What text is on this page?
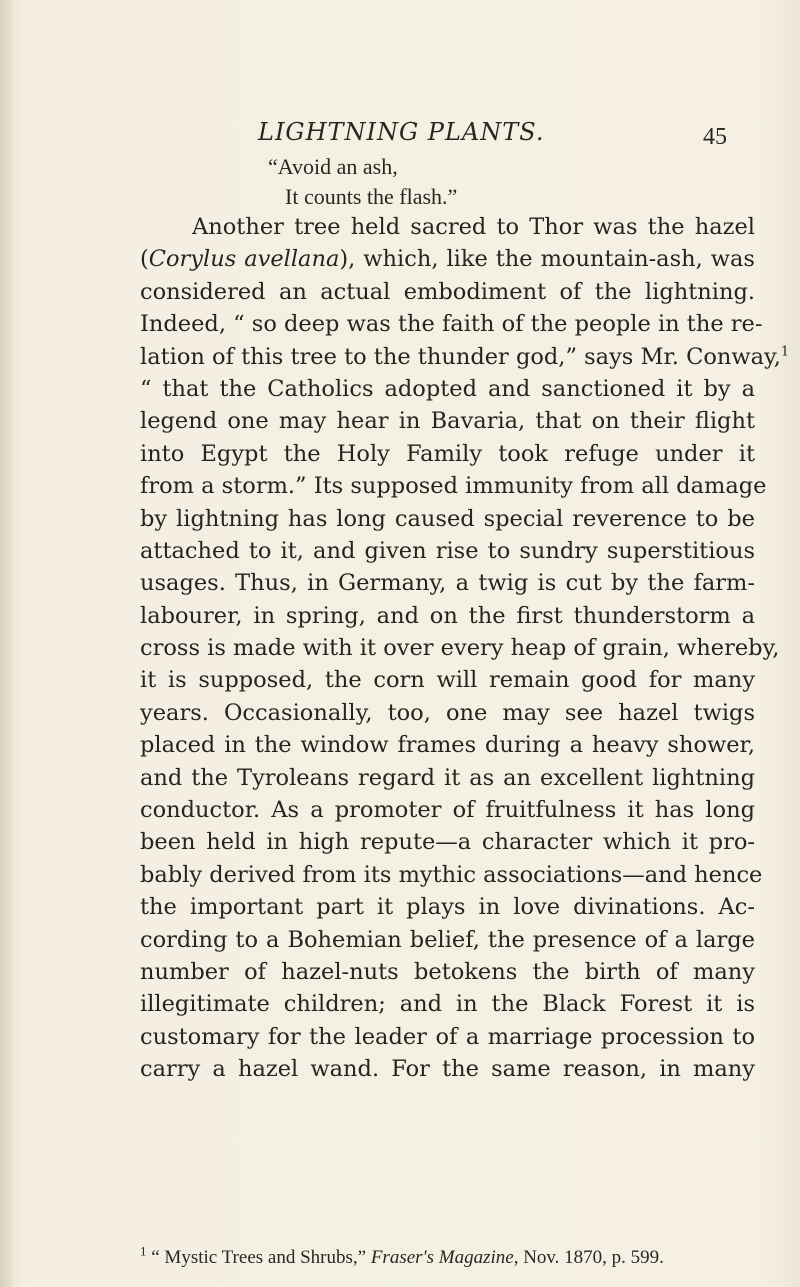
LIGHTNING PLANTS.	45
“Avoid an ash,
It counts the flash.”
Another tree held sacred to Thor was the hazel
(Corylus avellana), which, like the mountain-ash, was
considered an actual embodiment of the lightning.
Indeed, “ so deep was the faith of the people in the re-
lation of this tree to the thunder god,” says Mr. Conway,$^1$
“ that the Catholics adopted and sanctioned it by a
legend one may hear in Bavaria, that on their flight
into Egypt the Holy Family took refuge under it
from a storm.” Its supposed immunity from all damage
by lightning has long caused special reverence to be
attached to it, and given rise to sundry superstitious
usages. Thus, in Germany, a twig is cut by the farm-
labourer, in spring, and on the first thunderstorm a
cross is made with it over every heap of grain, whereby,
it is supposed, the corn will remain good for many
years. Occasionally, too, one may see hazel twigs
placed in the window frames during a heavy shower,
and the Tyroleans regard it as an excellent lightning
conductor. As a promoter of fruitfulness it has long
been held in high repute—a character which it pro-
bably derived from its mythic associations—and hence
the important part it plays in love divinations. Ac-
cording to a Bohemian belief, the presence of a large
number of hazel-nuts betokens the birth of many
illegitimate children; and in the Black Forest it is
customary for the leader of a marriage procession to
carry a hazel wand. For the same reason, in many
$^1$ “ Mystic Trees and Shrubs,” Fraser's Magazine, Nov. 1870, p. 599.
